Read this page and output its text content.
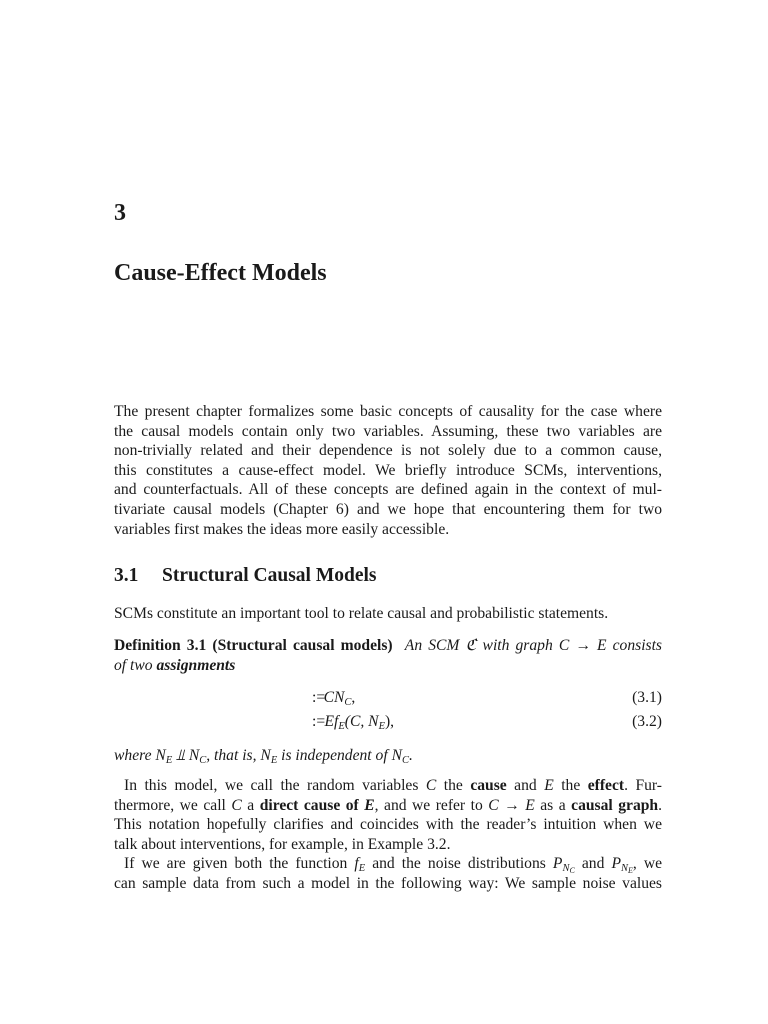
3
Cause-Effect Models
The present chapter formalizes some basic concepts of causality for the case where
the causal models contain only two variables. Assuming, these two variables are
non-trivially related and their dependence is not solely due to a common cause,
this constitutes a cause-effect model. We briefly introduce SCMs, interventions,
and counterfactuals. All of these concepts are defined again in the context of mul-
tivariate causal models (Chapter 6) and we hope that encountering them for two
variables first makes the ideas more easily accessible.
3.1 Structural Causal Models
SCMs constitute an important tool to relate causal and probabilistic statements.
Definition 3.1 (Structural causal models) An SCM ℭ with graph C → E consists
of two assignments
C
:= $N_C$,	(3.1)
E
:= $f_E(C$, $N_E$),	(3.2)
where $N_E$ ⫫ $N_C$, that is, $N_E$ is independent of $N_C$.
In this model, we call the random variables C the cause and E the effect. Fur-
thermore, we call C a direct cause of E, and we refer to C → E as a causal graph.
This notation hopefully clarifies and coincides with the reader’s intuition when we
talk about interventions, for example, in Example 3.2.
If we are given both the function $f_E$ and the noise distributions $P_{NC}$ and $P_{NE}$, we
can sample data from such a model in the following way: We sample noise values
